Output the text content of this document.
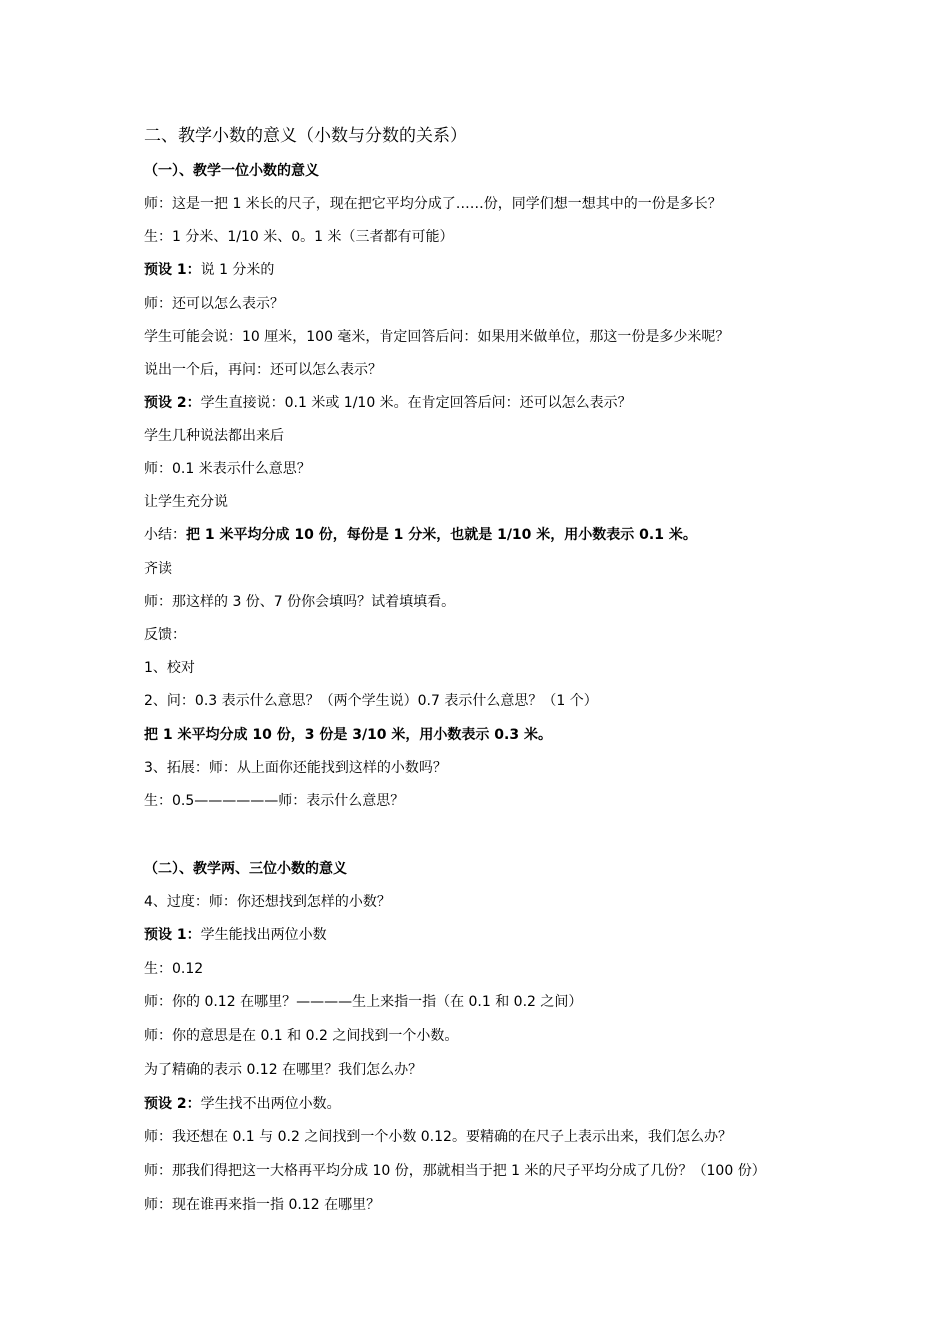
二、教学小数的意义（小数与分数的关系）
（一）、教学一位小数的意义
师：这是一把 1 米长的尺子，现在把它平均分成了……份，同学们想一想其中的一份是多长？
生：1 分米、1/10 米、0。1 米（三者都有可能）
预设 1：说 1 分米的
师：还可以怎么表示？
学生可能会说：10 厘米，100 毫米，肯定回答后问：如果用米做单位，那这一份是多少米呢？
说出一个后，再问：还可以怎么表示？
预设 2：学生直接说：0.1 米或 1/10 米。在肯定回答后问：还可以怎么表示？
学生几种说法都出来后
师：0.1 米表示什么意思？
让学生充分说
小结：把 1 米平均分成 10 份，每份是 1 分米，也就是 1/10 米，用小数表示 0.1 米。
齐读
师：那这样的 3 份、7 份你会填吗？试着填填看。
反馈：
1、校对
2、问：0.3 表示什么意思？（两个学生说）0.7 表示什么意思？（1 个）
把 1 米平均分成 10 份，3 份是 3/10 米，用小数表示 0.3 米。
3、拓展：师：从上面你还能找到这样的小数吗？
生：0.5——————师：表示什么意思？
（二）、教学两、三位小数的意义
4、过度：师：你还想找到怎样的小数？
预设 1：学生能找出两位小数
生：0.12
师：你的 0.12 在哪里？————生上来指一指（在 0.1 和 0.2 之间）
师：你的意思是在 0.1 和 0.2 之间找到一个小数。
为了精确的表示 0.12 在哪里？我们怎么办？
预设 2：学生找不出两位小数。
师：我还想在 0.1 与 0.2 之间找到一个小数 0.12。要精确的在尺子上表示出来，我们怎么办？
师：那我们得把这一大格再平均分成 10 份，那就相当于把 1 米的尺子平均分成了几份？（100 份）
师：现在谁再来指一指 0.12 在哪里？
